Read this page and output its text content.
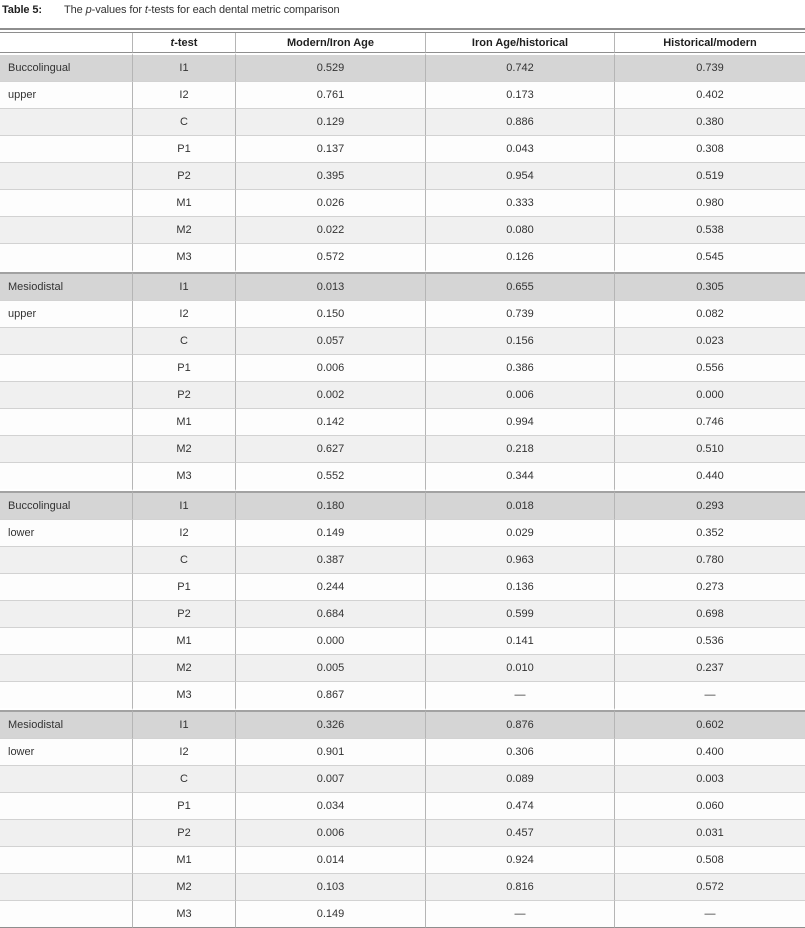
Table 5: The p-values for t-tests for each dental metric comparison
	t-test	Modern/Iron Age	Iron Age/historical	Historical/modern
Buccolingual	I1	0.529	0.742	0.739
upper	I2	0.761	0.173	0.402
	C	0.129	0.886	0.380
	P1	0.137	0.043	0.308
	P2	0.395	0.954	0.519
	M1	0.026	0.333	0.980
	M2	0.022	0.080	0.538
	M3	0.572	0.126	0.545
Mesiodistal	I1	0.013	0.655	0.305
upper	I2	0.150	0.739	0.082
	C	0.057	0.156	0.023
	P1	0.006	0.386	0.556
	P2	0.002	0.006	0.000
	M1	0.142	0.994	0.746
	M2	0.627	0.218	0.510
	M3	0.552	0.344	0.440
Buccolingual	I1	0.180	0.018	0.293
lower	I2	0.149	0.029	0.352
	C	0.387	0.963	0.780
	P1	0.244	0.136	0.273
	P2	0.684	0.599	0.698
	M1	0.000	0.141	0.536
	M2	0.005	0.010	0.237
	M3	0.867	—	—
Mesiodistal	I1	0.326	0.876	0.602
lower	I2	0.901	0.306	0.400
	C	0.007	0.089	0.003
	P1	0.034	0.474	0.060
	P2	0.006	0.457	0.031
	M1	0.014	0.924	0.508
	M2	0.103	0.816	0.572
	M3	0.149	—	—
